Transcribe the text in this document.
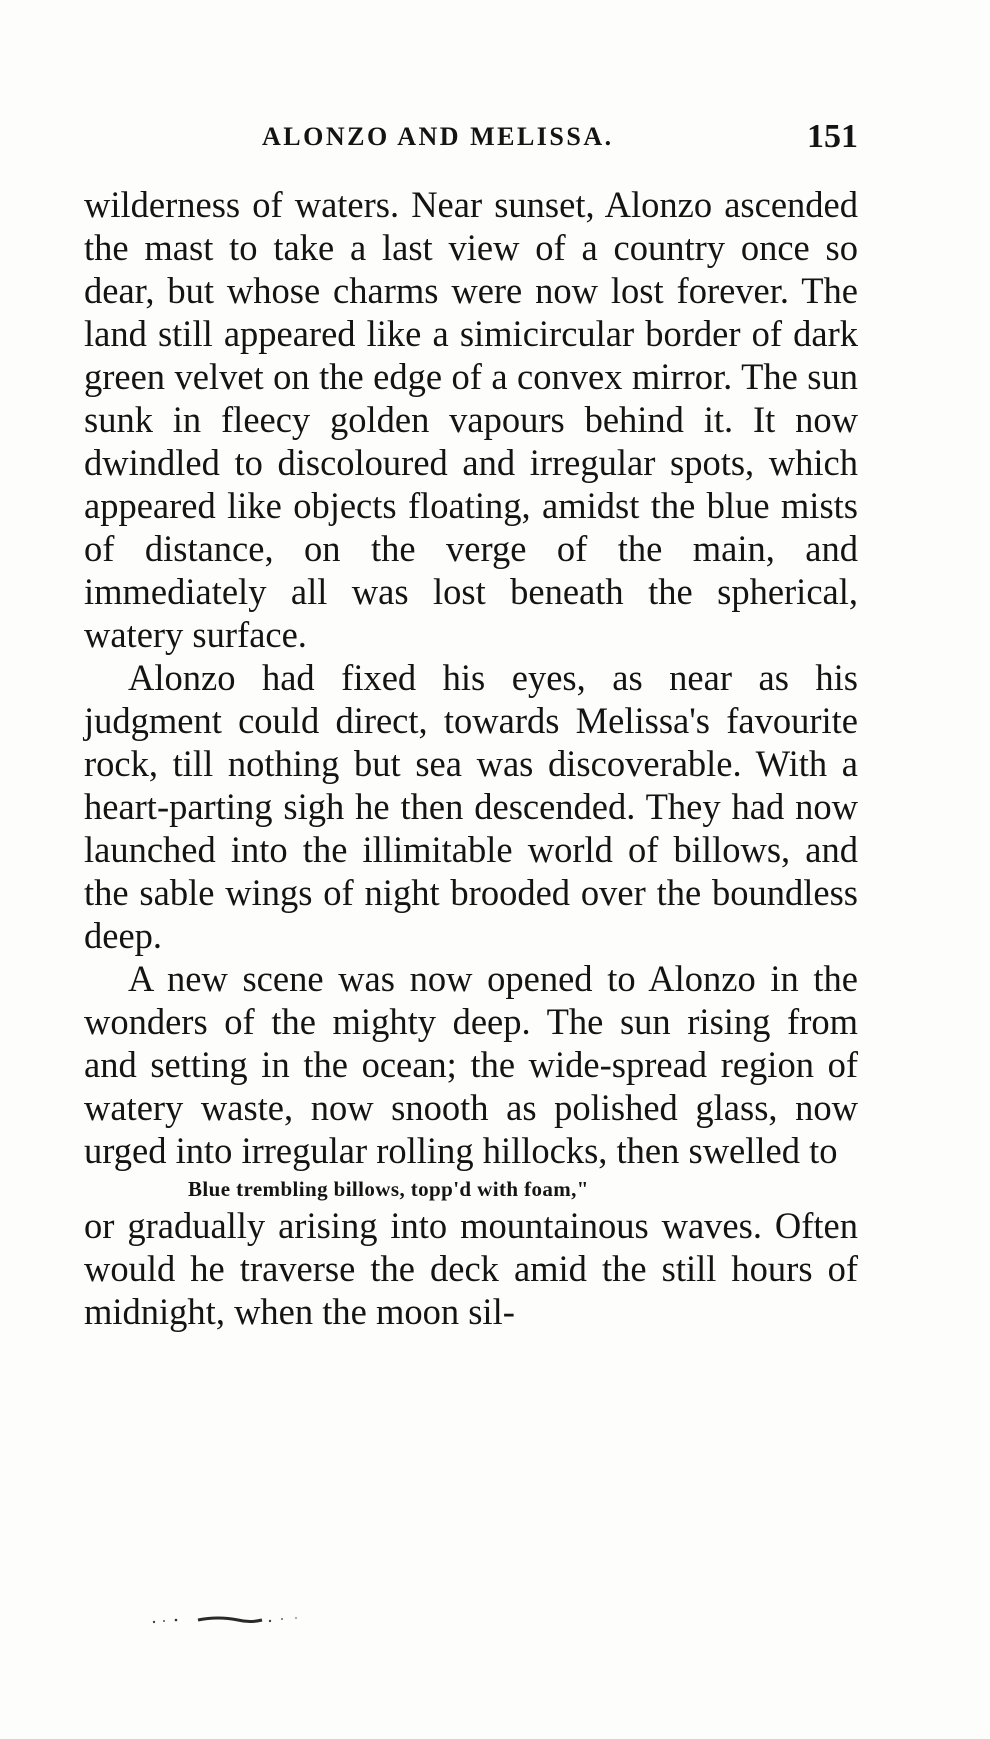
ALONZO AND MELISSA.	151

wilderness of waters. Near sunset, Alonzo ascended the mast to take a last view of a country once so dear, but whose charms were now lost forever. The land still appeared like a simicircular border of dark green velvet on the edge of a convex mirror. The sun sunk in fleecy golden vapours behind it. It now dwindled to discoloured and irregular spots, which appeared like objects floating, amidst the blue mists of distance, on the verge of the main, and immediately all was lost beneath the spherical, watery surface.

Alonzo had fixed his eyes, as near as his judgment could direct, towards Melissa's favourite rock, till nothing but sea was discoverable. With a heart-parting sigh he then descended. They had now launched into the illimitable world of billows, and the sable wings of night brooded over the boundless deep.

A new scene was now opened to Alonzo in the wonders of the mighty deep. The sun rising from and setting in the ocean; the wide-spread region of watery waste, now snooth as polished glass, now urged into irregular rolling hillocks, then swelled to

Blue trembling billows, topp'd with foam,"

or gradually arising into mountainous waves. Often would he traverse the deck amid the still hours of midnight, when the moon sil-
